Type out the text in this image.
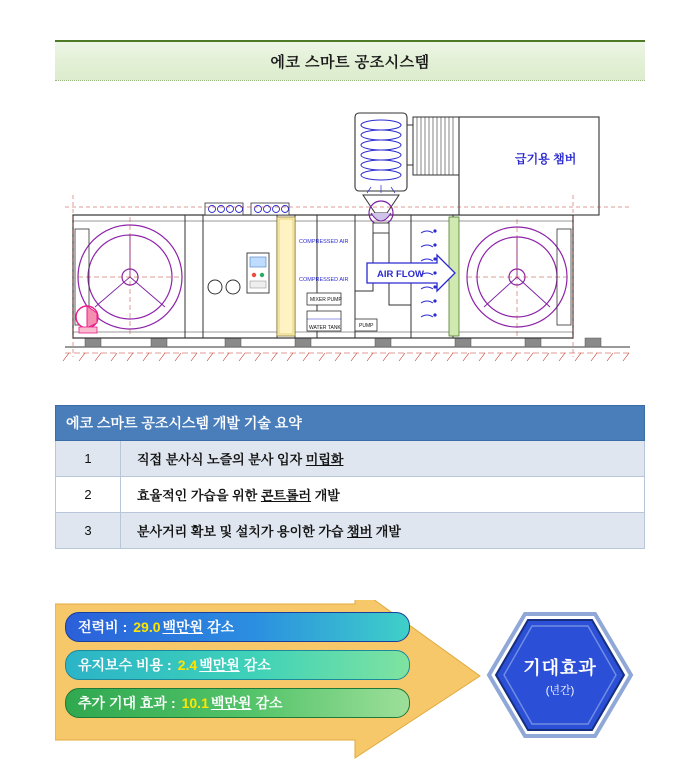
에코 스마트 공조시스템
COMPRESSED AIR
COMPRESSED AIR
MIXER PUMP
WATER TANK	PUMP
AIR FLOW
급기용 챔버
에코 스마트 공조시스템 개발 기술 요약	
1	직접 분사식 노즐의 분사 입자 미립화
2	효율적인 가습을 위한 콘트롤러 개발
3	분사거리 확보 및 설치가 용이한 가습 챔버 개발
전력비 : 29.0 백만원 감소
유지보수 비용 : 2.4 백만원 감소
추가 기대 효과 : 10.1 백만원 감소
기대효과
(년간)
